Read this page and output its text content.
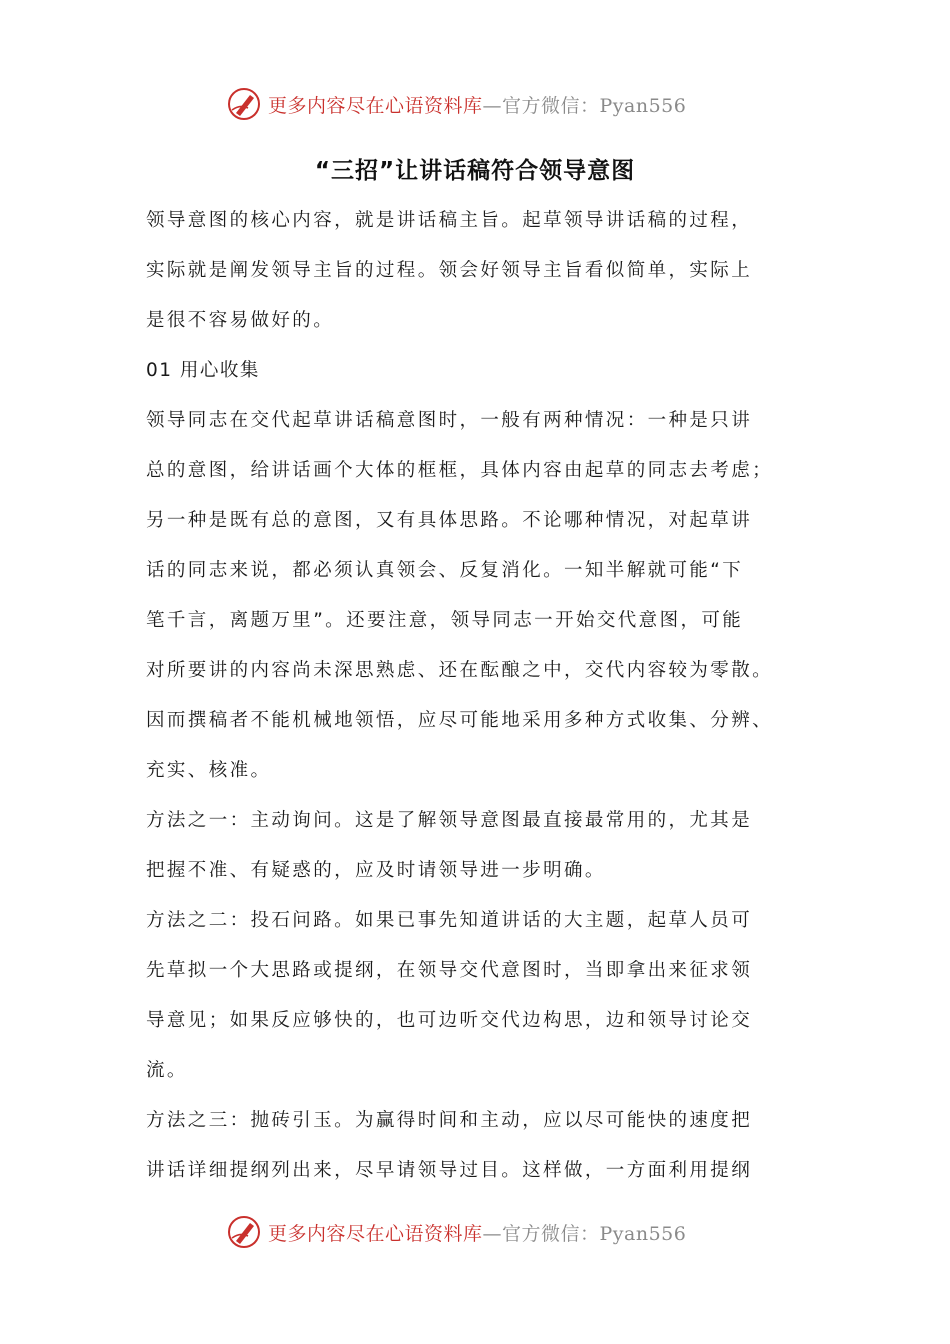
更多内容尽在心语资料库—官方微信：Pyan556
“三招”让讲话稿符合领导意图

领导意图的核心内容，就是讲话稿主旨。起草领导讲话稿的过程，
实际就是阐发领导主旨的过程。领会好领导主旨看似简单，实际上
是很不容易做好的。

01 用心收集

领导同志在交代起草讲话稿意图时，一般有两种情况：一种是只讲
总的意图，给讲话画个大体的框框，具体内容由起草的同志去考虑；
另一种是既有总的意图，又有具体思路。不论哪种情况，对起草讲
话的同志来说，都必须认真领会、反复消化。一知半解就可能“下
笔千言，离题万里”。还要注意，领导同志一开始交代意图，可能
对所要讲的内容尚未深思熟虑、还在酝酿之中，交代内容较为零散。
因而撰稿者不能机械地领悟，应尽可能地采用多种方式收集、分辨、
充实、核准。

方法之一：主动询问。这是了解领导意图最直接最常用的，尤其是
把握不准、有疑惑的，应及时请领导进一步明确。

方法之二：投石问路。如果已事先知道讲话的大主题，起草人员可
先草拟一个大思路或提纲，在领导交代意图时，当即拿出来征求领
导意见；如果反应够快的，也可边听交代边构思，边和领导讨论交
流。

方法之三：抛砖引玉。为赢得时间和主动，应以尽可能快的速度把
讲话详细提纲列出来，尽早请领导过目。这样做，一方面利用提纲

更多内容尽在心语资料库—官方微信：Pyan556
